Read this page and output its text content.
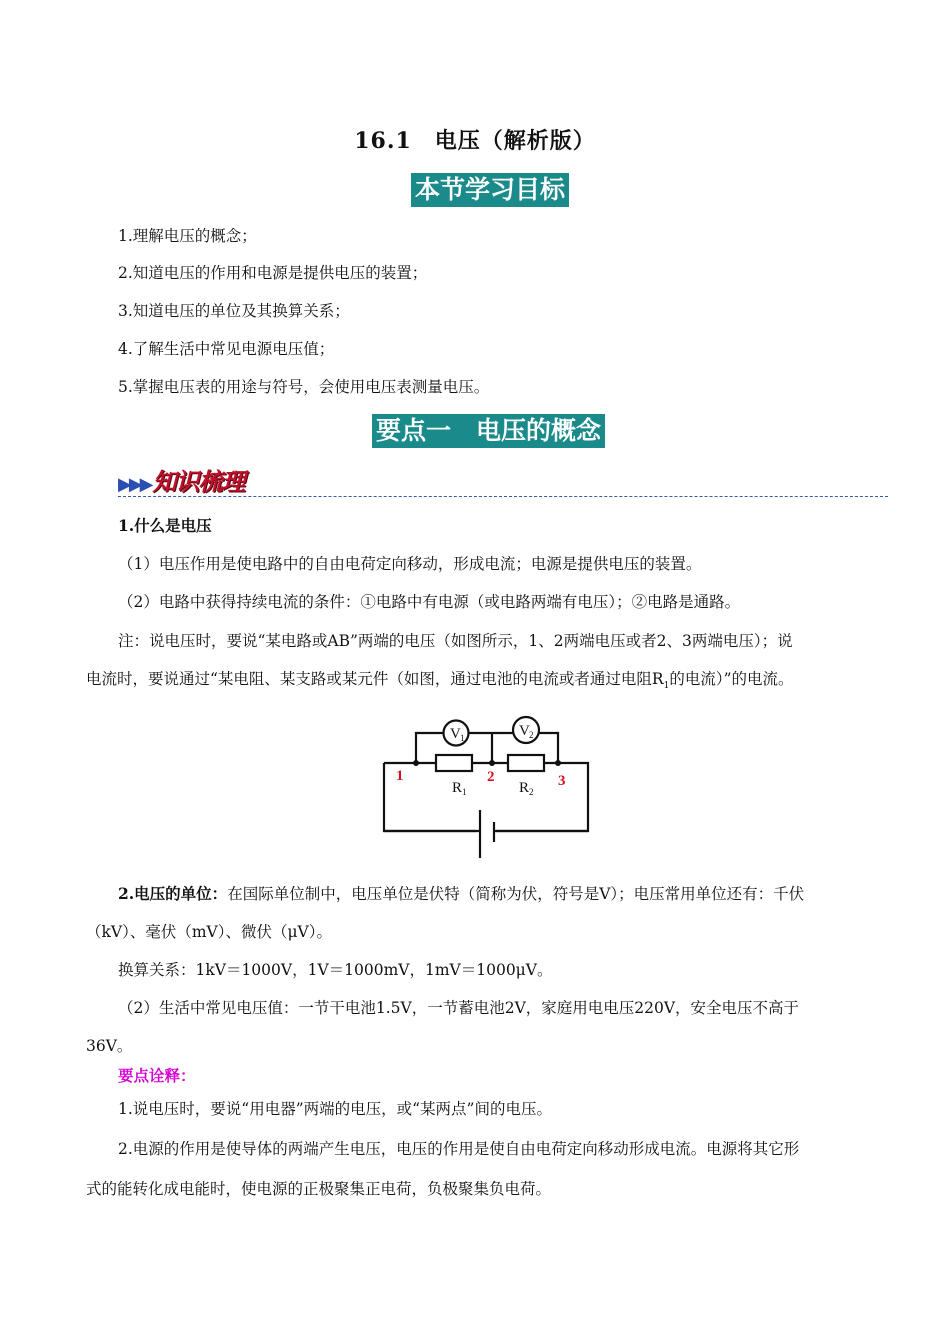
16.1　电压（解析版）
本节学习目标
1.理解电压的概念；
2.知道电压的作用和电源是提供电压的装置；
3.知道电压的单位及其换算关系；
4.了解生活中常见电源电压值；
5.掌握电压表的用途与符号，会使用电压表测量电压。
要点一　电压的概念
▶▶▶知识梳理
1.什么是电压
（1）电压作用是使电路中的自由电荷定向移动，形成电流；电源是提供电压的装置。
（2）电路中获得持续电流的条件：①电路中有电源（或电路两端有电压）；②电路是通路。
注：说电压时，要说“某电路或AB”两端的电压（如图所示，1、2两端电压或者2、3两端电压）；说
电流时，要说通过“某电阻、某支路或某元件（如图，通过电池的电流或者通过电阻$R_1$的电流）”的电流。
V 1	V 2
R 1	R 2
1	2	3
2.电压的单位：在国际单位制中，电压单位是伏特（简称为伏，符号是V）；电压常用单位还有：千伏
（kV）、毫伏（mV）、微伏（μV）。
换算关系：1kV＝1000V，1V＝1000mV，1mV＝1000μV。
（2）生活中常见电压值：一节干电池1.5V，一节蓄电池2V，家庭用电电压220V，安全电压不高于
36V。
要点诠释：
1.说电压时，要说“用电器”两端的电压，或“某两点”间的电压。
2.电源的作用是使导体的两端产生电压，电压的作用是使自由电荷定向移动形成电流。电源将其它形
式的能转化成电能时，使电源的正极聚集正电荷，负极聚集负电荷。
